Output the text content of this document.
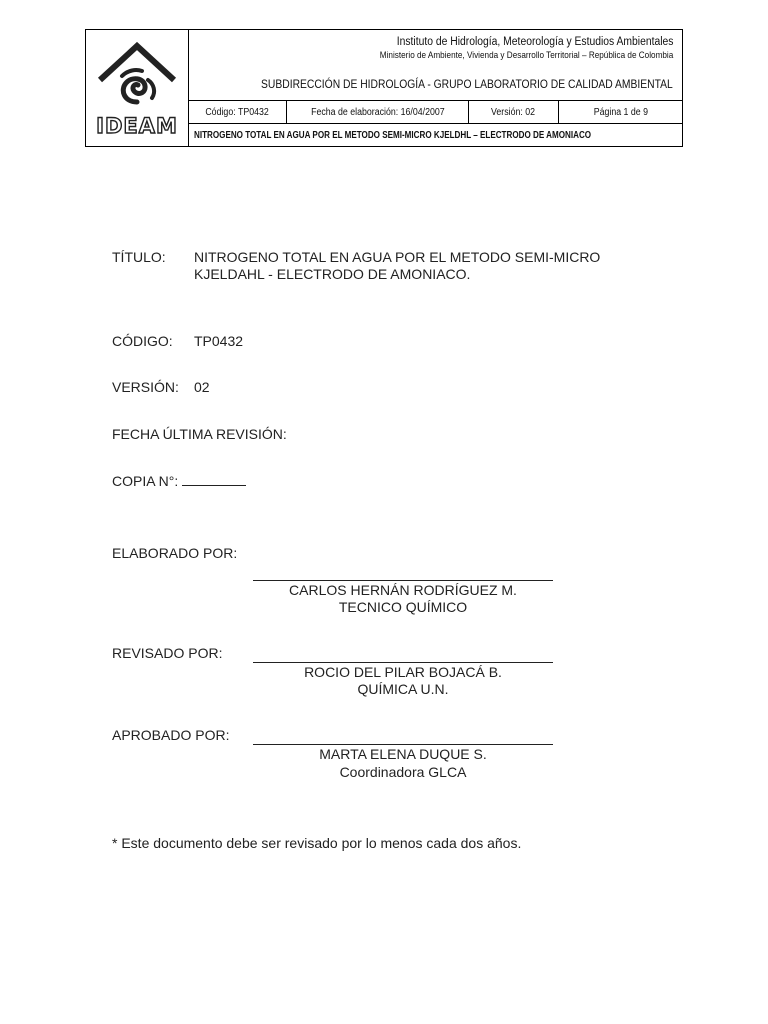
IDEAM
Instituto de Hidrología, Meteorología y Estudios Ambientales
Ministerio de Ambiente, Vivienda y Desarrollo Territorial – República de Colombia
SUBDIRECCIÓN DE HIDROLOGÍA - GRUPO LABORATORIO DE CALIDAD AMBIENTAL
Código: TP0432	Fecha de elaboración: 16/04/2007	Versión: 02	Página 1 de 9
NITROGENO TOTAL EN AGUA POR EL METODO SEMI-MICRO KJELDHL – ELECTRODO DE AMONIACO
TÍTULO: NITROGENO TOTAL EN AGUA POR EL METODO SEMI-MICRO
KJELDAHL - ELECTRODO DE AMONIACO.
CÓDIGO: TP0432
VERSIÓN: 02
FECHA ÚLTIMA REVISIÓN:
COPIA N°:
ELABORADO POR:
CARLOS HERNÁN RODRÍGUEZ M.
TECNICO QUÍMICO
REVISADO POR:
ROCIO DEL PILAR BOJACÁ B.
QUÍMICA U.N.
APROBADO POR:
MARTA ELENA DUQUE S.
Coordinadora GLCA
* Este documento debe ser revisado por lo menos cada dos años.
